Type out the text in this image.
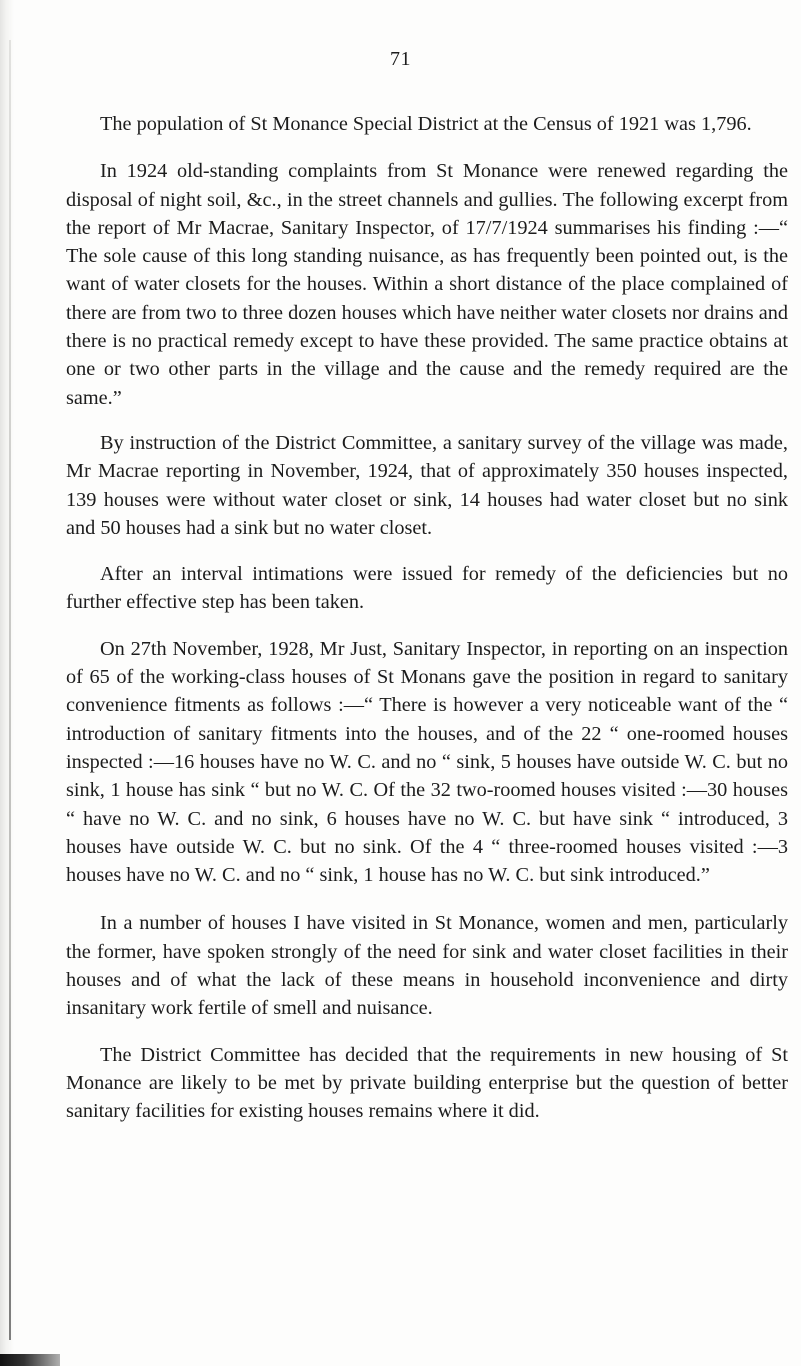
71

The population of St Monance Special District at the Census of 1921 was 1,796.

In 1924 old-standing complaints from St Monance were renewed regarding the disposal of night soil, &c., in the street channels and gullies. The following excerpt from the report of Mr Macrae, Sanitary Inspector, of 17/7/1924 summarises his finding :—“ The sole cause of this long standing nuisance, as has frequently been pointed out, is the want of water closets for the houses. Within a short distance of the place complained of there are from two to three dozen houses which have neither water closets nor drains and there is no practical remedy except to have these provided. The same practice obtains at one or two other parts in the village and the cause and the remedy required are the same.”

By instruction of the District Committee, a sanitary survey of the village was made, Mr Macrae reporting in November, 1924, that of approximately 350 houses inspected, 139 houses were without water closet or sink, 14 houses had water closet but no sink and 50 houses had a sink but no water closet.

After an interval intimations were issued for remedy of the deficiencies but no further effective step has been taken.

On 27th November, 1928, Mr Just, Sanitary Inspector, in reporting on an inspection of 65 of the working-class houses of St Monans gave the position in regard to sanitary convenience fitments as follows :—“ There is however a very noticeable want of the “ introduction of sanitary fitments into the houses, and of the 22 “ one-roomed houses inspected :—16 houses have no W. C. and no “ sink, 5 houses have outside W. C. but no sink, 1 house has sink “ but no W. C. Of the 32 two-roomed houses visited :—30 houses “ have no W. C. and no sink, 6 houses have no W. C. but have sink “ introduced, 3 houses have outside W. C. but no sink. Of the 4 “ three-roomed houses visited :—3 houses have no W. C. and no “ sink, 1 house has no W. C. but sink introduced.”

In a number of houses I have visited in St Monance, women and men, particularly the former, have spoken strongly of the need for sink and water closet facilities in their houses and of what the lack of these means in household inconvenience and dirty insanitary work fertile of smell and nuisance.

The District Committee has decided that the requirements in new housing of St Monance are likely to be met by private building enterprise but the question of better sanitary facilities for existing houses remains where it did.
